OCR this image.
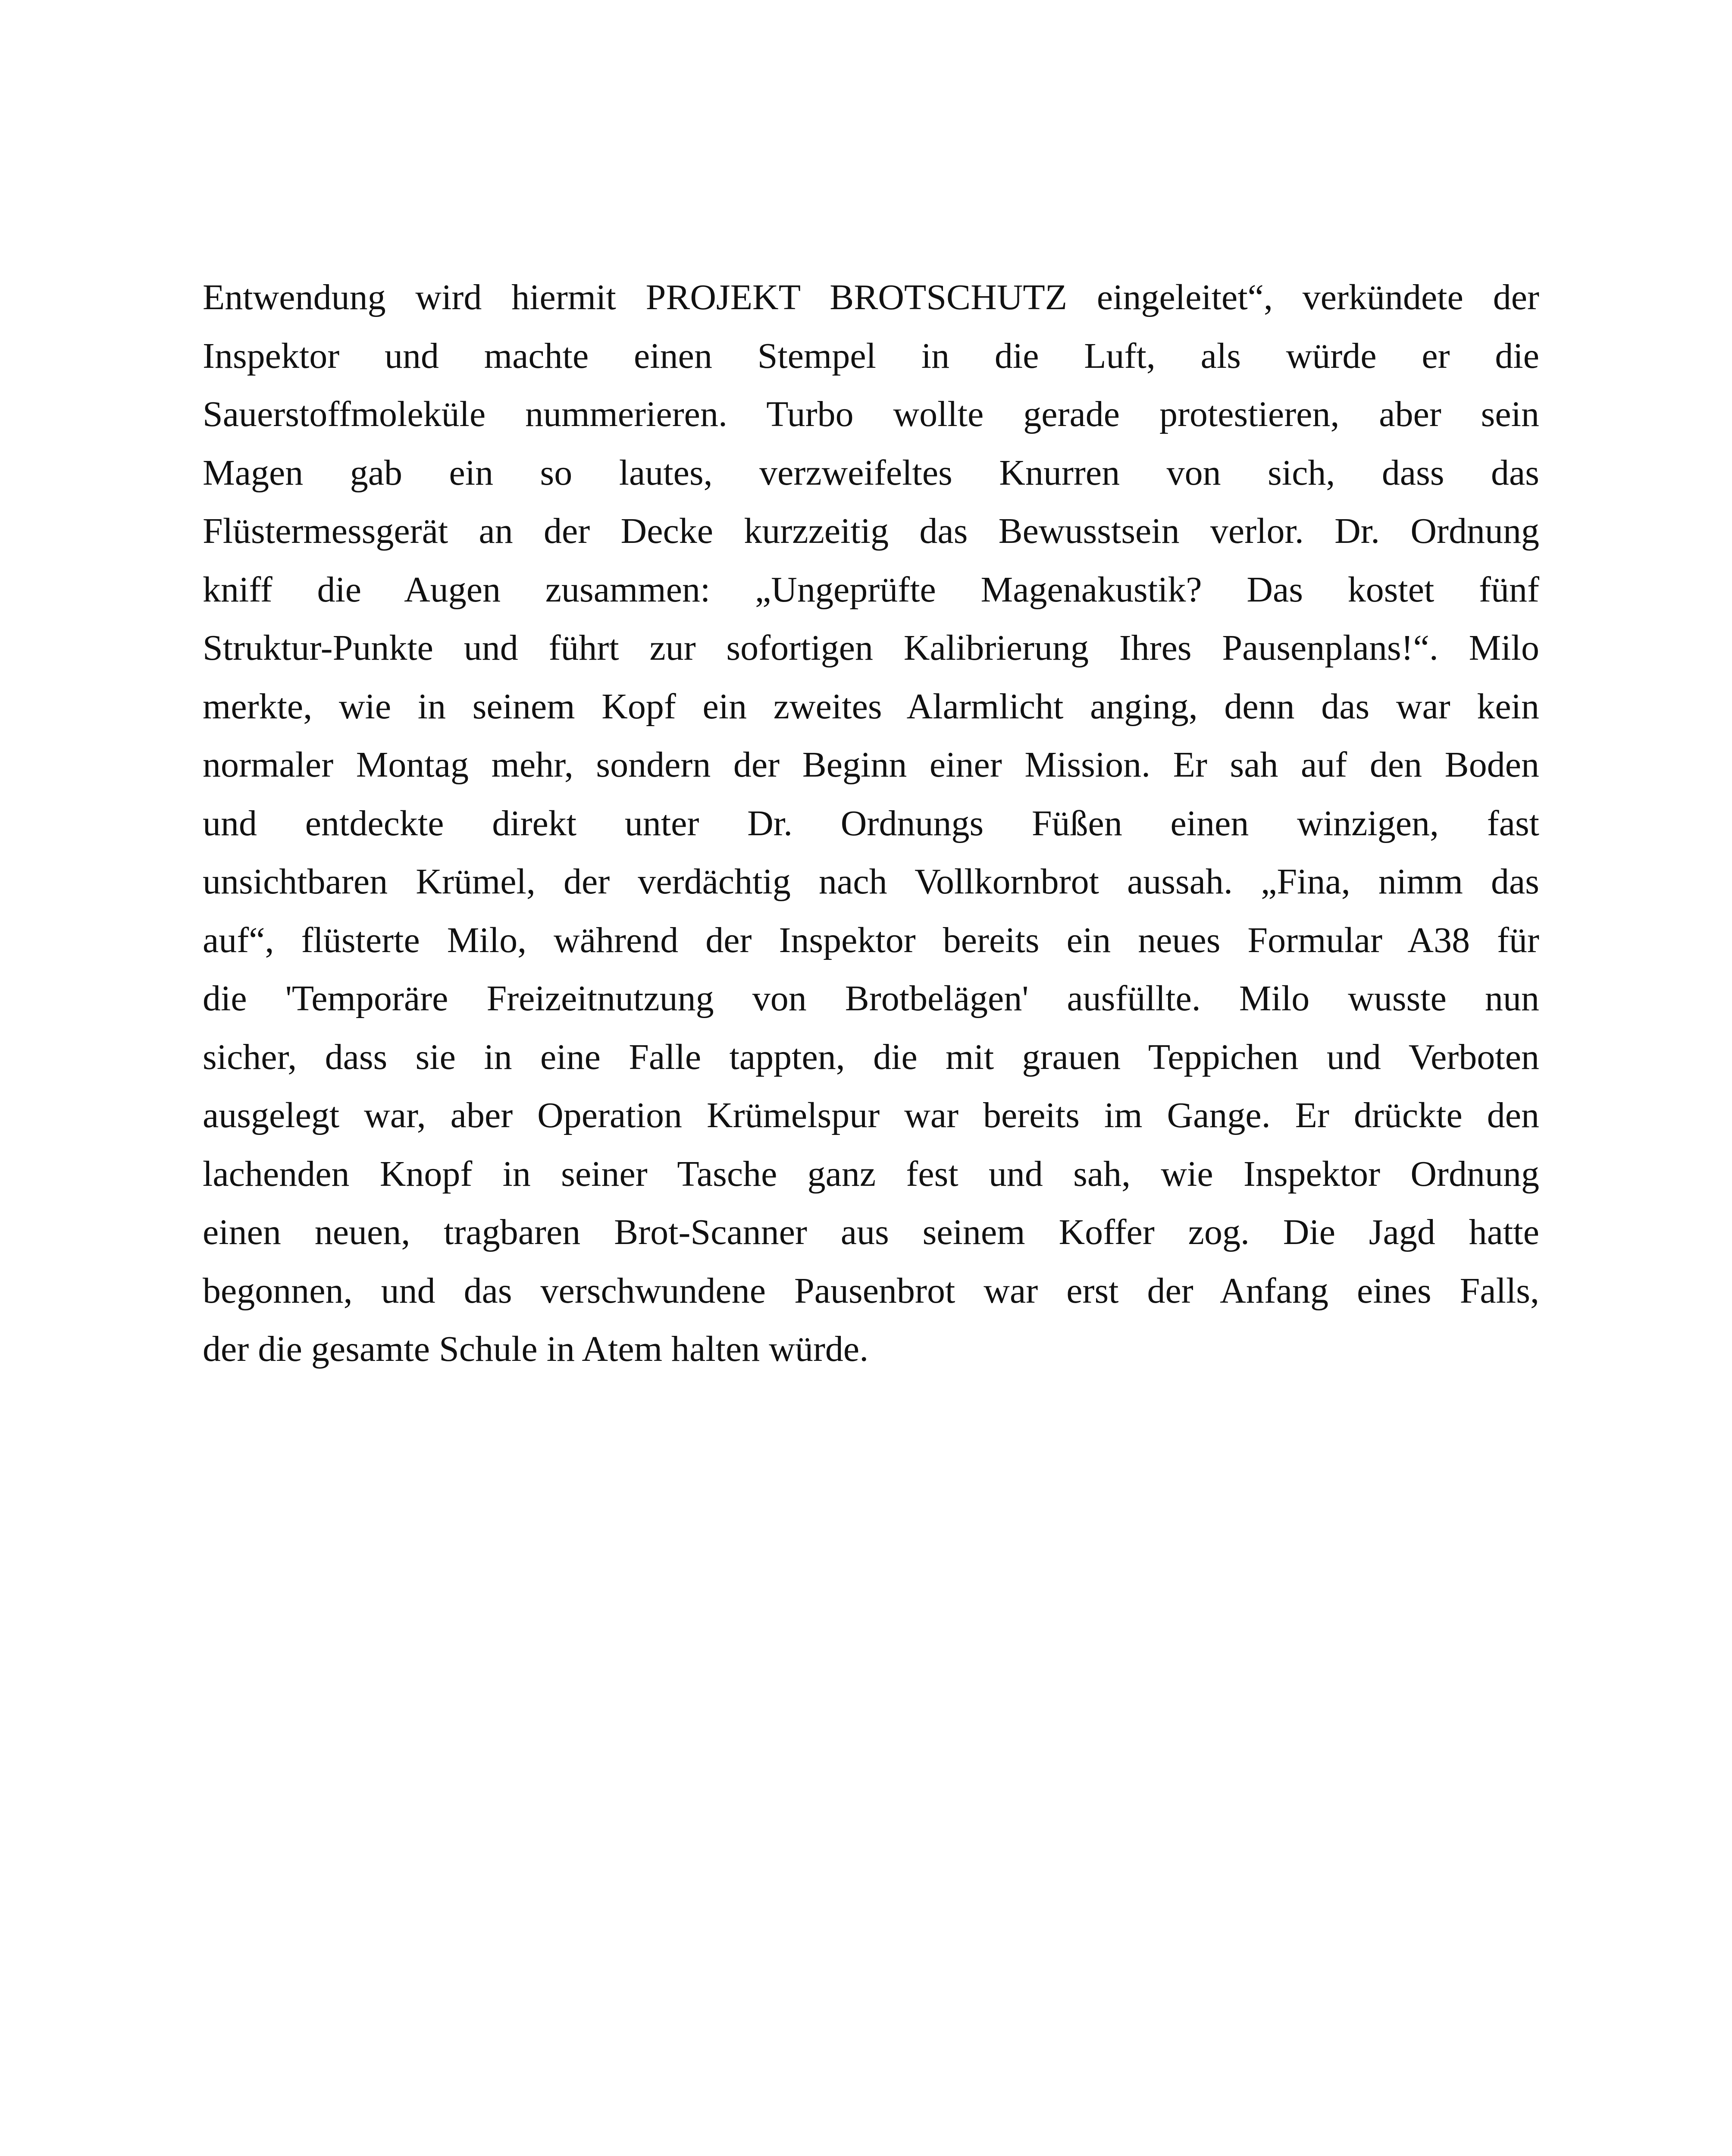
Entwendung wird hiermit PROJEKT BROTSCHUTZ eingeleitet“, verkündete der
Inspektor und machte einen Stempel in die Luft, als würde er die
Sauerstoffmoleküle nummerieren. Turbo wollte gerade protestieren, aber sein
Magen gab ein so lautes, verzweifeltes Knurren von sich, dass das
Flüstermessgerät an der Decke kurzzeitig das Bewusstsein verlor. Dr. Ordnung
kniff die Augen zusammen: „Ungeprüfte Magenakustik? Das kostet fünf
Struktur-Punkte und führt zur sofortigen Kalibrierung Ihres Pausenplans!“. Milo
merkte, wie in seinem Kopf ein zweites Alarmlicht anging, denn das war kein
normaler Montag mehr, sondern der Beginn einer Mission. Er sah auf den Boden
und entdeckte direkt unter Dr. Ordnungs Füßen einen winzigen, fast
unsichtbaren Krümel, der verdächtig nach Vollkornbrot aussah. „Fina, nimm das
auf“, flüsterte Milo, während der Inspektor bereits ein neues Formular A38 für
die 'Temporäre Freizeitnutzung von Brotbelägen' ausfüllte. Milo wusste nun
sicher, dass sie in eine Falle tappten, die mit grauen Teppichen und Verboten
ausgelegt war, aber Operation Krümelspur war bereits im Gange. Er drückte den
lachenden Knopf in seiner Tasche ganz fest und sah, wie Inspektor Ordnung
einen neuen, tragbaren Brot-Scanner aus seinem Koffer zog. Die Jagd hatte
begonnen, und das verschwundene Pausenbrot war erst der Anfang eines Falls,
der die gesamte Schule in Atem halten würde.
